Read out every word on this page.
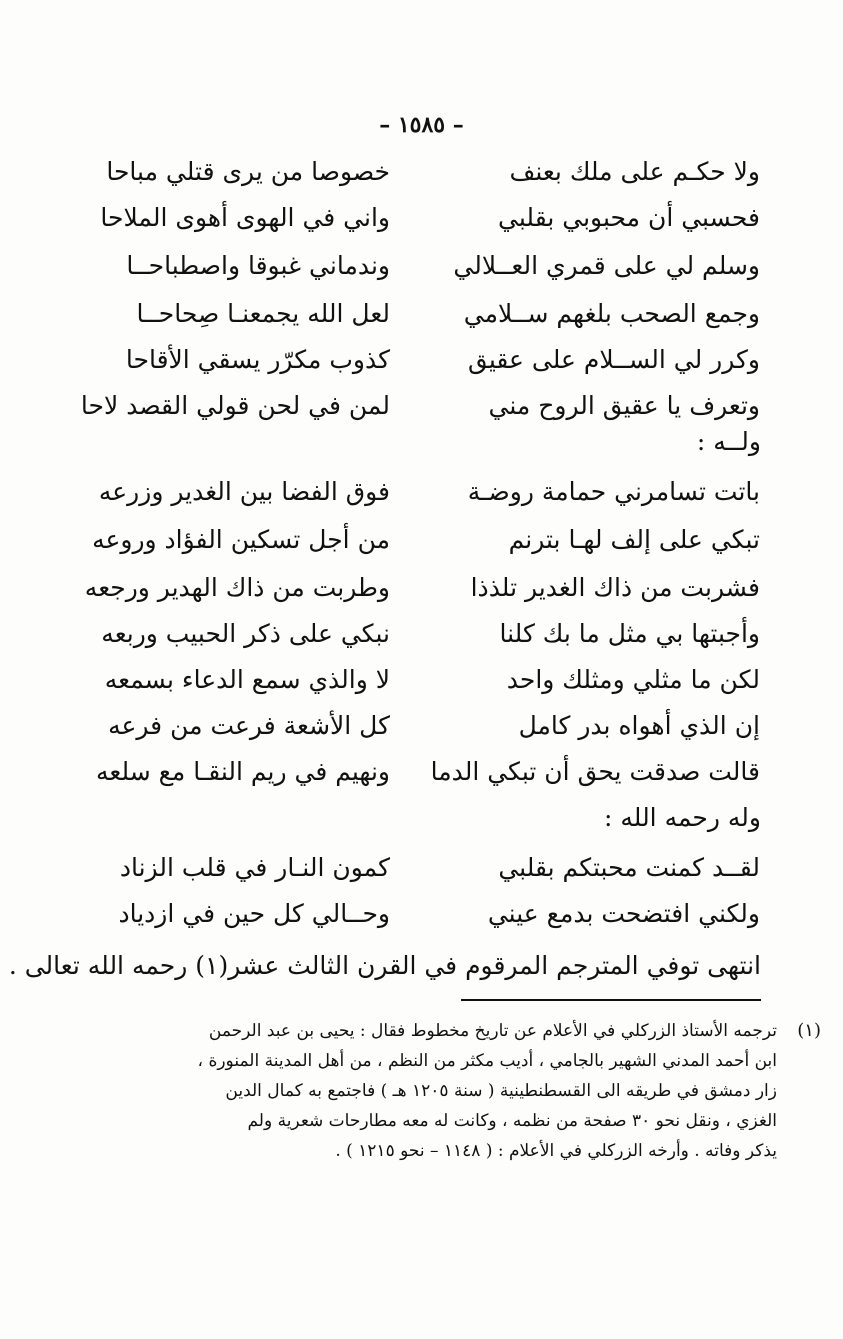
– ١٥٨٥ –
ولا حكـم على ملك بعنف
خصوصا من يرى قتلي مباحا
فحسبي أن محبوبي بقلبي
واني في الهوى أهوى الملاحا
وسلم لي على قمري العــلالي
وندماني غبوقا واصطباحــا
وجمع الصحب بلغهم ســلامي
لعل الله يجمعنـا صِحاحــا
وكرر لي الســلام على عقيق
كذوب مكرّر يسقي الأقاحا
وتعرف يا عقيق الروح مني
لمن في لحن قولي القصد لاحا
ولــه :
باتت تسامرني حمامة روضـة
فوق الفضا بين الغدير وزرعه
تبكي على إلف لهـا بترنم
من أجل تسكين الفؤاد وروعه
فشربت من ذاك الغدير تلذذا
وطربت من ذاك الهدير ورجعه
وأجبتها بي مثل ما بك كلنا
نبكي على ذكر الحبيب وربعه
لكن ما مثلي ومثلك واحد
لا والذي سمع الدعاء بسمعه
إن الذي أهواه بدر كامل
كل الأشعة فرعت من فرعه
قالت صدقت يحق أن تبكي الدما
ونهيم في ريم النقـا مع سلعه
وله رحمه الله :
لقــد كمنت محبتكم بقلبي
كمون النـار في قلب الزناد
ولكني افتضحت بدمع عيني
وحــالي كل حين في ازدياد
انتهى توفي المترجم المرقوم في القرن الثالث عشر(١) رحمه الله تعالى .
(١)
ترجمه الأستاذ الزركلي في الأعلام عن تاريخ مخطوط فقال : يحيى بن عبد الرحمن
ابن أحمد المدني الشهير بالجامي ، أديب مكثر من النظم ، من أهل المدينة المنورة ،
زار دمشق في طريقه الى القسطنطينية ( سنة ١٢٠٥ هـ ) فاجتمع به كمال الدين
الغزي ، ونقل نحو ٣٠ صفحة من نظمه ، وكانت له معه مطارحات شعرية ولم
يذكر وفاته . وأرخه الزركلي في الأعلام : ( ١١٤٨ – نحو ١٢١٥ ) .
